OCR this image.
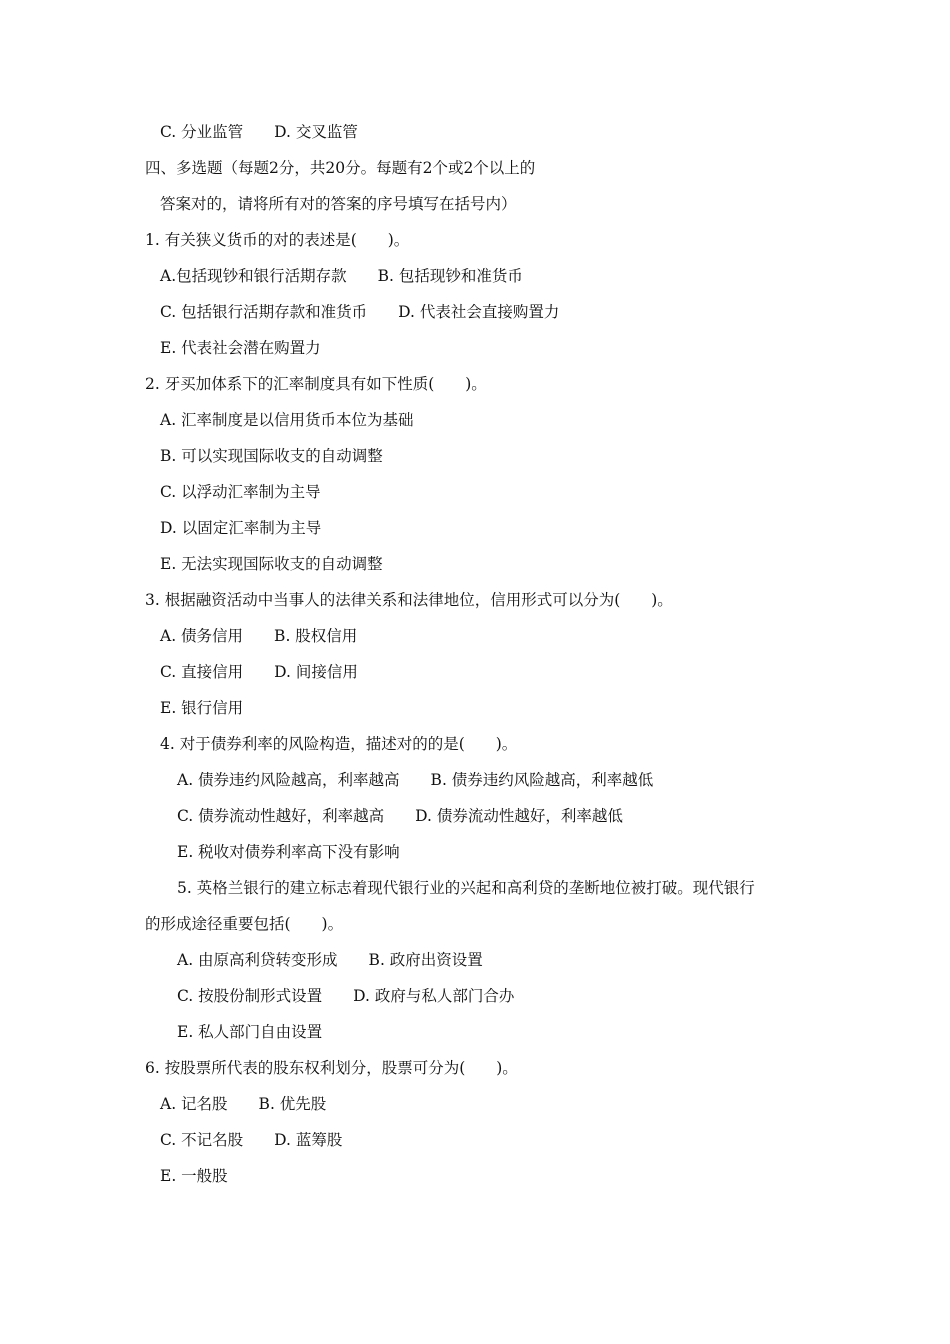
C. 分业监管　　D. 交叉监管
四、多选题（每题2分，共20分。每题有2个或2个以上的
答案对的，请将所有对的答案的序号填写在括号内）
1. 有关狭义货币的对的表述是(　　)。
A.包括现钞和银行活期存款　　B. 包括现钞和准货币
C. 包括银行活期存款和准货币　　D. 代表社会直接购置力
E. 代表社会潜在购置力
2. 牙买加体系下的汇率制度具有如下性质(　　)。
A. 汇率制度是以信用货币本位为基础
B. 可以实现国际收支的自动调整
C. 以浮动汇率制为主导
D. 以固定汇率制为主导
E. 无法实现国际收支的自动调整
3. 根据融资活动中当事人的法律关系和法律地位，信用形式可以分为(　　)。
A. 债务信用　　B. 股权信用
C. 直接信用　　D. 间接信用
E. 银行信用
4. 对于债券利率的风险构造，描述对的的是(　　)。
A. 债券违约风险越高，利率越高　　B. 债券违约风险越高，利率越低
C. 债券流动性越好，利率越高　　D. 债券流动性越好，利率越低
E. 税收对债券利率高下没有影响
5. 英格兰银行的建立标志着现代银行业的兴起和高利贷的垄断地位被打破。现代银行
的形成途径重要包括(　　)。
A. 由原高利贷转变形成　　B. 政府出资设置
C. 按股份制形式设置　　D. 政府与私人部门合办
E. 私人部门自由设置
6. 按股票所代表的股东权利划分，股票可分为(　　)。
A. 记名股　　B. 优先股
C. 不记名股　　D. 蓝筹股
E. 一般股
